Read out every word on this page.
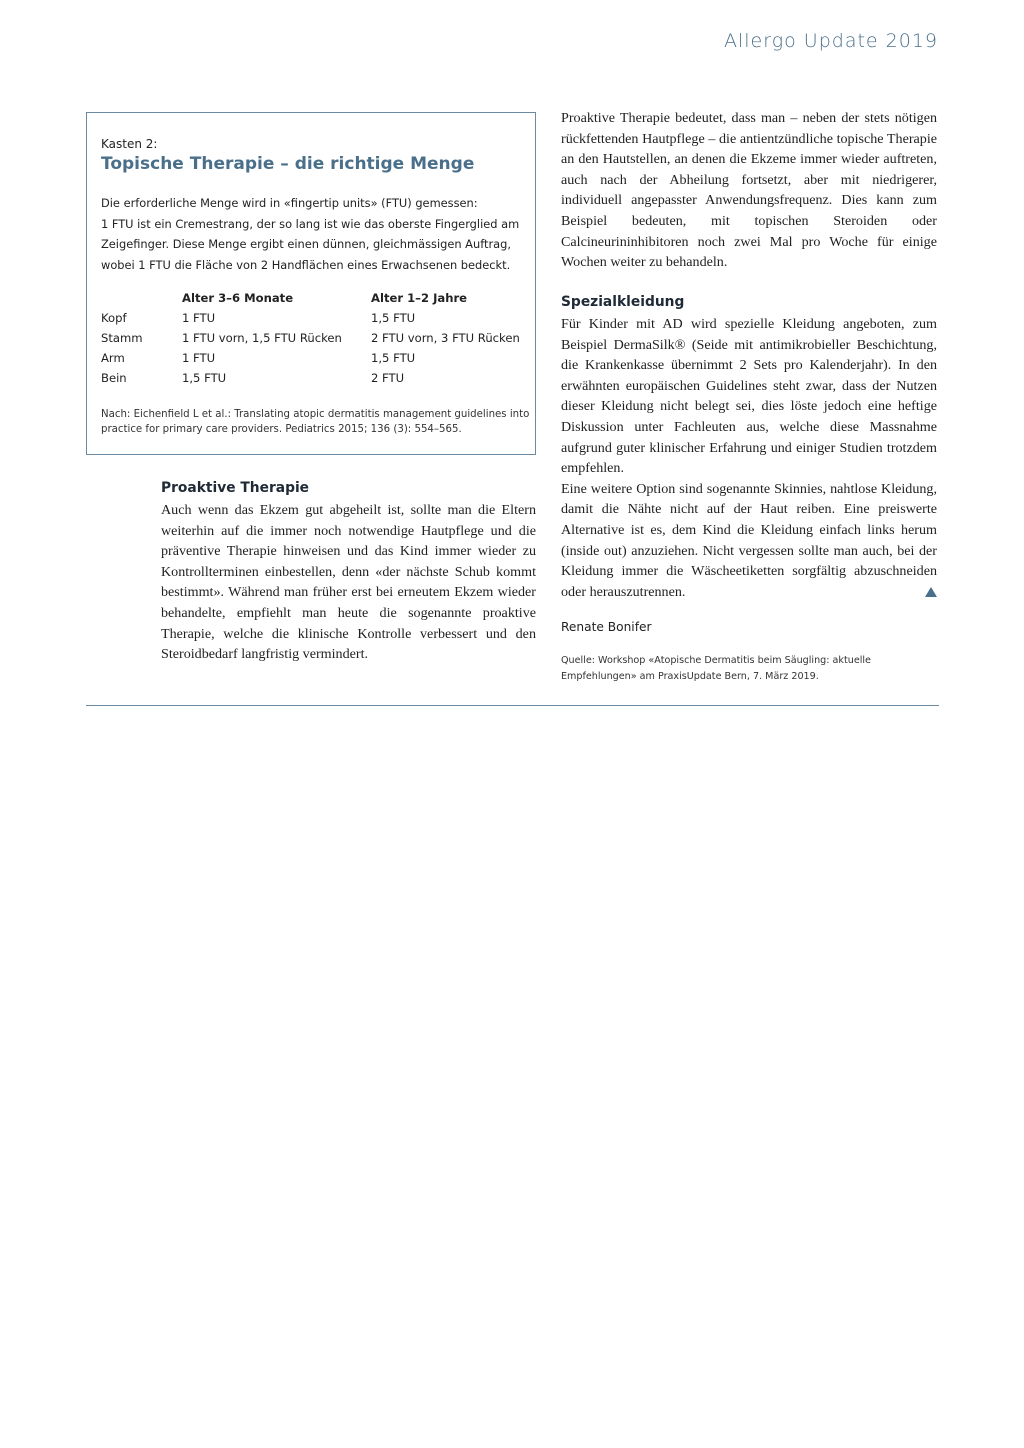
Allergo Update 2019
Kasten 2:
Topische Therapie – die richtige Menge

Die erforderliche Menge wird in «fingertip units» (FTU) gemessen:

1 FTU ist ein Cremestrang, der so lang ist wie das oberste Fingerglied am Zeigefinger. Diese Menge ergibt einen dünnen, gleichmässigen Auftrag, wobei 1 FTU die Fläche von 2 Handflächen eines Erwachsenen bedeckt.

	Alter 3–6 Monate	Alter 1–2 Jahre
Kopf	1 FTU	1,5 FTU
Stamm	1 FTU vorn, 1,5 FTU Rücken	2 FTU vorn, 3 FTU Rücken
Arm	1 FTU	1,5 FTU
Bein	1,5 FTU	2 FTU
Nach: Eichenfield L et al.: Translating atopic dermatitis management guidelines into practice for primary care providers. Pediatrics 2015; 136 (3): 554–565.
Proaktive Therapie

Auch wenn das Ekzem gut abgeheilt ist, sollte man die Eltern weiterhin auf die immer noch notwendige Hautpflege und die präventive Therapie hinweisen und das Kind immer wieder zu Kontrollterminen einbestellen, denn «der nächste Schub kommt bestimmt». Während man früher erst bei erneutem Ekzem wieder behandelte, empfiehlt man heute die sogenannte proaktive Therapie, welche die klinische Kontrolle verbessert und den Steroidbedarf langfristig vermindert.

Proaktive Therapie bedeutet, dass man – neben der stets nötigen rückfettenden Hautpflege – die antientzündliche topische Therapie an den Hautstellen, an denen die Ekzeme immer wieder auftreten, auch nach der Abheilung fortsetzt, aber mit niedrigerer, individuell angepasster Anwendungsfrequenz. Dies kann zum Beispiel bedeuten, mit topischen Steroiden oder Calcineurininhibitoren noch zwei Mal pro Woche für einige Wochen weiter zu behandeln.

Spezialkleidung

Für Kinder mit AD wird spezielle Kleidung angeboten, zum Beispiel DermaSilk® (Seide mit antimikrobieller Beschichtung, die Krankenkasse übernimmt 2 Sets pro Kalenderjahr). In den erwähnten europäischen Guidelines steht zwar, dass der Nutzen dieser Kleidung nicht belegt sei, dies löste jedoch eine heftige Diskussion unter Fachleuten aus, welche diese Massnahme aufgrund guter klinischer Erfahrung und einiger Studien trotzdem empfehlen.

Eine weitere Option sind sogenannte Skinnies, nahtlose Kleidung, damit die Nähte nicht auf der Haut reiben. Eine preiswerte Alternative ist es, dem Kind die Kleidung einfach links herum (inside out) anzuziehen. Nicht vergessen sollte man auch, bei der Kleidung immer die Wäscheetiketten sorgfältig abzuschneiden oder herauszutrennen.

Renate Bonifer
Quelle: Workshop «Atopische Dermatitis beim Säugling: aktuelle Empfehlungen» am PraxisUpdate Bern, 7. März 2019.
